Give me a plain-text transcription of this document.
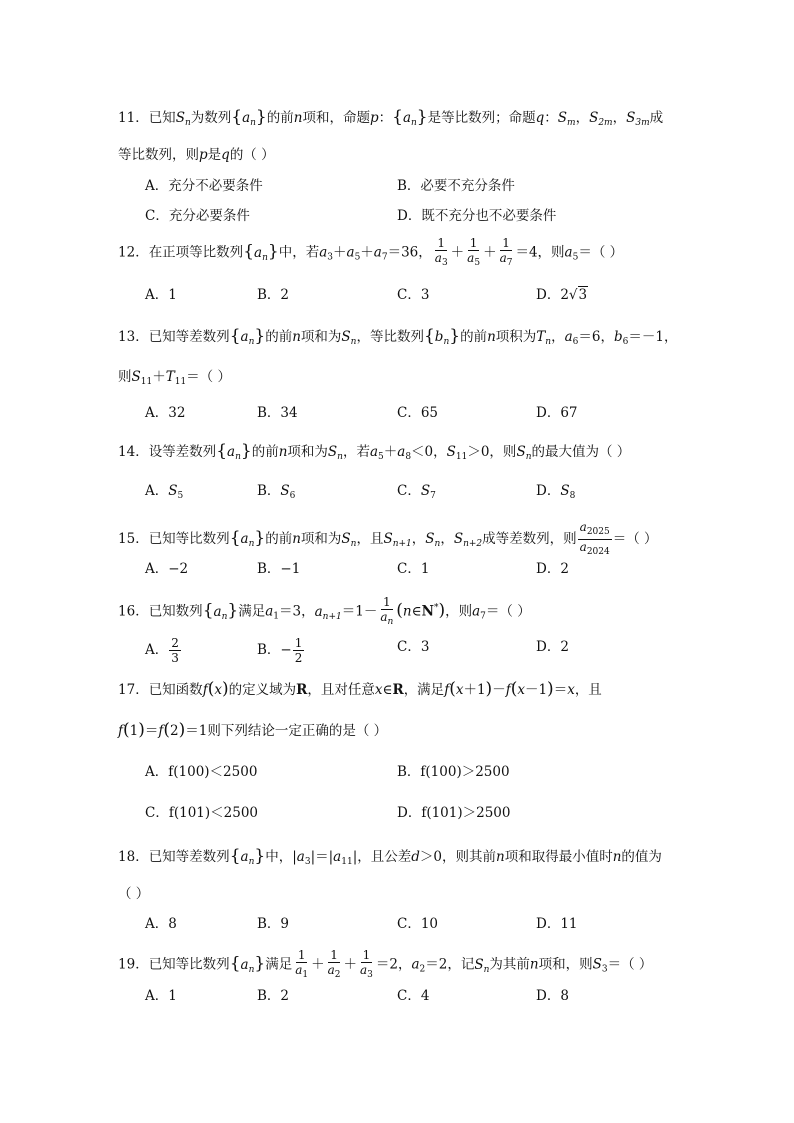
11．已知$S_n$为数列$\{a_n\}$的前n项和，命题p：$\{a_n\}$是等比数列；命题q：$S_m$，$S_{2m}$，$S_{3m}$成
等比数列，则p是q的（ ）
A．充分不必要条件	B．必要不充分条件
C．充分必要条件	D．既不充分也不必要条件
12．在正项等比数列$\{a_n\}$中，若$a_3+a_5+a_7=36$， $\frac{1}{a_3} + \frac{1}{a_5} + \frac{1}{a_7} =4$，则$a_5=$（ ）
A．1	B．2	C．3	D．2√3
13．已知等差数列$\{a_n\}$的前n项和为$S_n$，等比数列$\{b_n\}$的前n项积为$T_n$，$a_6=6$，$b_6=-1$，
则$S_{11}+T_{11}=$（ ）
A．32	B．34	C．65	D．67
14．设等差数列$\{a_n\}$的前n项和为$S_n$，若$a_5+a_8<0$，$S_{11}>0$，则$S_n$的最大值为（ ）
A．$S_5$	B．$S_6$	C．$S_7$	D．$S_8$
15．已知等比数列$\{a_n\}$的前n项和为$S_n$，且$S_{n+1}$，$S_n$，$S_{n+2}$成等差数列，则 $\frac{a_{2025}}{a_{2024}}$ ＝（ ）
A．−2	B．−1	C．1	D．2
16．已知数列$\{a_n\}$满足$a_1=3$，$a_{n+1}=1- \frac{1}{a_n}$ (n∈N*)，则$a_7=$（ ）
A． $\frac{2}{3}$	B．− $\frac{1}{2}$	C．3	D．2
17．已知函数f(x)的定义域为R，且对任意x∈R，满足f(x＋1)－f(x－1)＝x，且
f(1)＝f(2)＝1则下列结论一定正确的是（ ）
A．f(100)＜2500	B．f(100)＞2500
C．f(101)＜2500	D．f(101)＞2500
18．已知等差数列$\{a_n\}$中，$|a_3|=|a_{11}|$，且公差d＞0，则其前n项和取得最小值时n的值为
（ ）
A．8	B．9	C．10	D．11
19．已知等比数列$\{a_n\}$满足 $\frac{1}{a_1} + \frac{1}{a_2} + \frac{1}{a_3} =2$，$a_2=2$，记$S_n$为其前n项和，则$S_3=$（ ）
A．1	B．2	C．4	D．8
